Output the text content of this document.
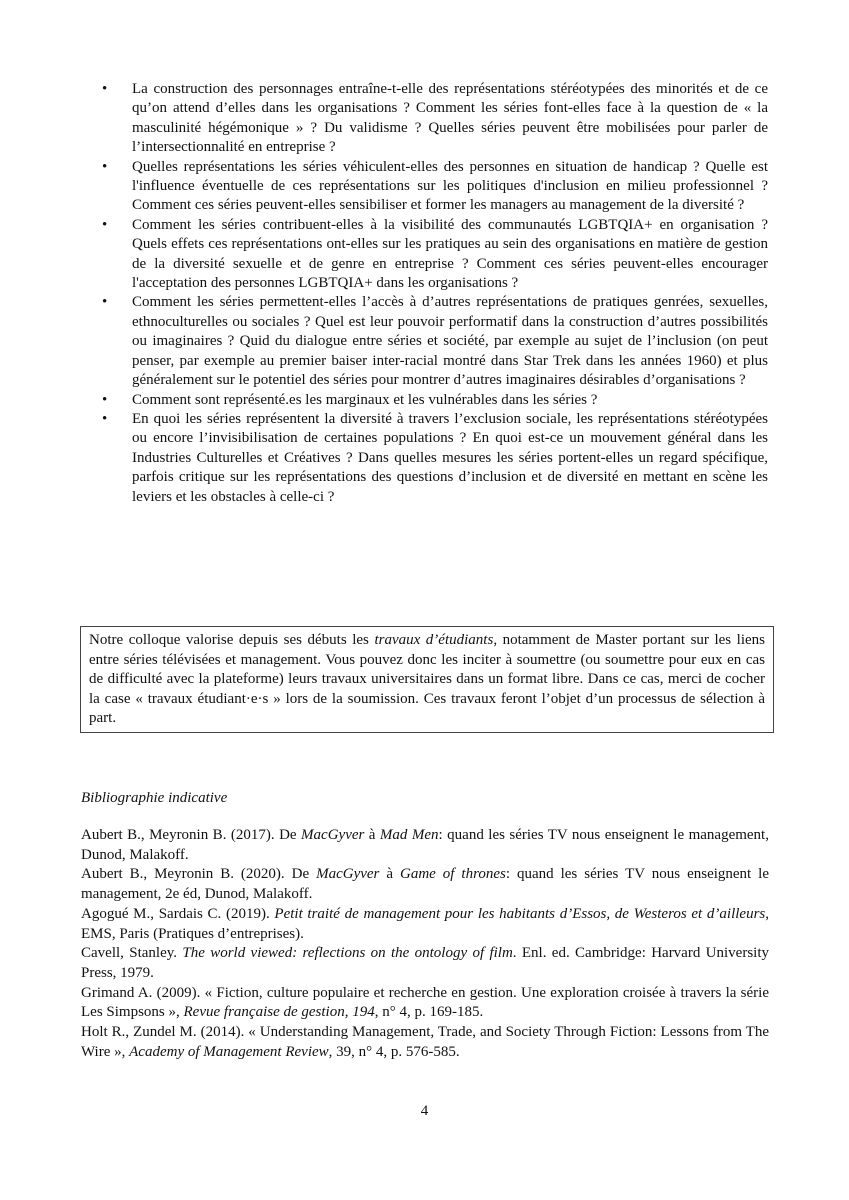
• La construction des personnages entraîne-t-elle des représentations stéréotypées des minorités et de ce qu’on attend d’elles dans les organisations ? Comment les séries font-elles face à la question de « la masculinité hégémonique » ? Du validisme ? Quelles séries peuvent être mobilisées pour parler de l’intersectionnalité en entreprise ?
• Quelles représentations les séries véhiculent-elles des personnes en situation de handicap ? Quelle est l'influence éventuelle de ces représentations sur les politiques d'inclusion en milieu professionnel ? Comment ces séries peuvent-elles sensibiliser et former les managers au management de la diversité ?
• Comment les séries contribuent-elles à la visibilité des communautés LGBTQIA+ en organisation ? Quels effets ces représentations ont-elles sur les pratiques au sein des organisations en matière de gestion de la diversité sexuelle et de genre en entreprise ? Comment ces séries peuvent-elles encourager l'acceptation des personnes LGBTQIA+ dans les organisations ?
• Comment les séries permettent-elles l’accès à d’autres représentations de pratiques genrées, sexuelles, ethnoculturelles ou sociales ? Quel est leur pouvoir performatif dans la construction d’autres possibilités ou imaginaires ? Quid du dialogue entre séries et société, par exemple au sujet de l’inclusion (on peut penser, par exemple au premier baiser inter-racial montré dans Star Trek dans les années 1960) et plus généralement sur le potentiel des séries pour montrer d’autres imaginaires désirables d’organisations ?
• Comment sont représenté.es les marginaux et les vulnérables dans les séries ?
• En quoi les séries représentent la diversité à travers l’exclusion sociale, les représentations stéréotypées ou encore l’invisibilisation de certaines populations ? En quoi est-ce un mouvement général dans les Industries Culturelles et Créatives ? Dans quelles mesures les séries portent-elles un regard spécifique, parfois critique sur les représentations des questions d’inclusion et de diversité en mettant en scène les leviers et les obstacles à celle-ci ?
Notre colloque valorise depuis ses débuts les travaux d’étudiants, notamment de Master portant sur les liens entre séries télévisées et management. Vous pouvez donc les inciter à soumettre (ou soumettre pour eux en cas de difficulté avec la plateforme) leurs travaux universitaires dans un format libre. Dans ce cas, merci de cocher la case « travaux étudiant·e·s » lors de la soumission. Ces travaux feront l’objet d’un processus de sélection à part.
Bibliographie indicative

Aubert B., Meyronin B. (2017). De MacGyver à Mad Men: quand les séries TV nous enseignent le management, Dunod, Malakoff.

Aubert B., Meyronin B. (2020). De MacGyver à Game of thrones: quand les séries TV nous enseignent le management, 2e éd, Dunod, Malakoff.

Agogué M., Sardais C. (2019). Petit traité de management pour les habitants d’Essos, de Westeros et d’ailleurs, EMS, Paris (Pratiques d’entreprises).

Cavell, Stanley. The world viewed: reflections on the ontology of film. Enl. ed. Cambridge: Harvard University Press, 1979.

Grimand A. (2009). « Fiction, culture populaire et recherche en gestion. Une exploration croisée à travers la série Les Simpsons », Revue française de gestion, 194, n° 4, p. 169-185.

Holt R., Zundel M. (2014). « Understanding Management, Trade, and Society Through Fiction: Lessons from The Wire », Academy of Management Review, 39, n° 4, p. 576-585.

4
